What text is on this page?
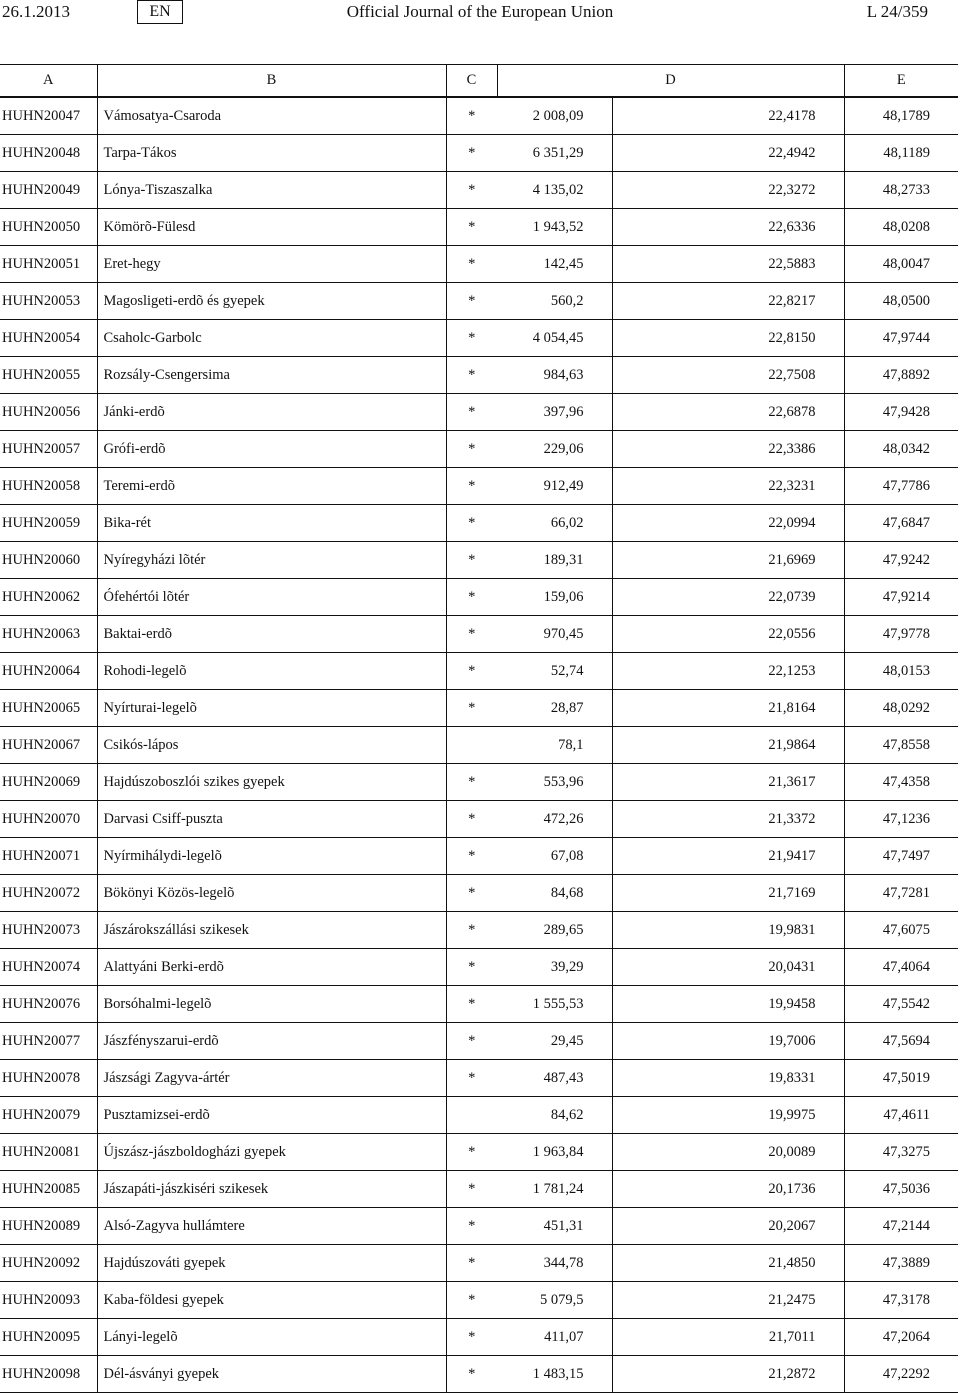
26.1.2013	EN	Official Journal of the European Union	L 24/359
A	B	C	D		E
HUHN20047	Vámosatya-Csaroda	*	2 008,09	22,4178	48,1789
HUHN20048	Tarpa-Tákos	*	6 351,29	22,4942	48,1189
HUHN20049	Lónya-Tiszaszalka	*	4 135,02	22,3272	48,2733
HUHN20050	Kömörõ-Fülesd	*	1 943,52	22,6336	48,0208
HUHN20051	Eret-hegy	*	142,45	22,5883	48,0047
HUHN20053	Magosligeti-erdõ és gyepek	*	560,2	22,8217	48,0500
HUHN20054	Csaholc-Garbolc	*	4 054,45	22,8150	47,9744
HUHN20055	Rozsály-Csengersima	*	984,63	22,7508	47,8892
HUHN20056	Jánki-erdõ	*	397,96	22,6878	47,9428
HUHN20057	Grófi-erdõ	*	229,06	22,3386	48,0342
HUHN20058	Teremi-erdõ	*	912,49	22,3231	47,7786
HUHN20059	Bika-rét	*	66,02	22,0994	47,6847
HUHN20060	Nyíregyházi lõtér	*	189,31	21,6969	47,9242
HUHN20062	Ófehértói lõtér	*	159,06	22,0739	47,9214
HUHN20063	Baktai-erdõ	*	970,45	22,0556	47,9778
HUHN20064	Rohodi-legelõ	*	52,74	22,1253	48,0153
HUHN20065	Nyírturai-legelõ	*	28,87	21,8164	48,0292
HUHN20067	Csikós-lápos		78,1	21,9864	47,8558
HUHN20069	Hajdúszoboszlói szikes gyepek	*	553,96	21,3617	47,4358
HUHN20070	Darvasi Csiff-puszta	*	472,26	21,3372	47,1236
HUHN20071	Nyírmihálydi-legelõ	*	67,08	21,9417	47,7497
HUHN20072	Bökönyi Közös-legelõ	*	84,68	21,7169	47,7281
HUHN20073	Jászárokszállási szikesek	*	289,65	19,9831	47,6075
HUHN20074	Alattyáni Berki-erdõ	*	39,29	20,0431	47,4064
HUHN20076	Borsóhalmi-legelõ	*	1 555,53	19,9458	47,5542
HUHN20077	Jászfényszarui-erdõ	*	29,45	19,7006	47,5694
HUHN20078	Jászsági Zagyva-ártér	*	487,43	19,8331	47,5019
HUHN20079	Pusztamizsei-erdõ		84,62	19,9975	47,4611
HUHN20081	Újszász-jászboldogházi gyepek	*	1 963,84	20,0089	47,3275
HUHN20085	Jászapáti-jászkiséri szikesek	*	1 781,24	20,1736	47,5036
HUHN20089	Alsó-Zagyva hullámtere	*	451,31	20,2067	47,2144
HUHN20092	Hajdúszováti gyepek	*	344,78	21,4850	47,3889
HUHN20093	Kaba-földesi gyepek	*	5 079,5	21,2475	47,3178
HUHN20095	Lányi-legelõ	*	411,07	21,7011	47,2064
HUHN20098	Dél-ásványi gyepek	*	1 483,15	21,2872	47,2292
